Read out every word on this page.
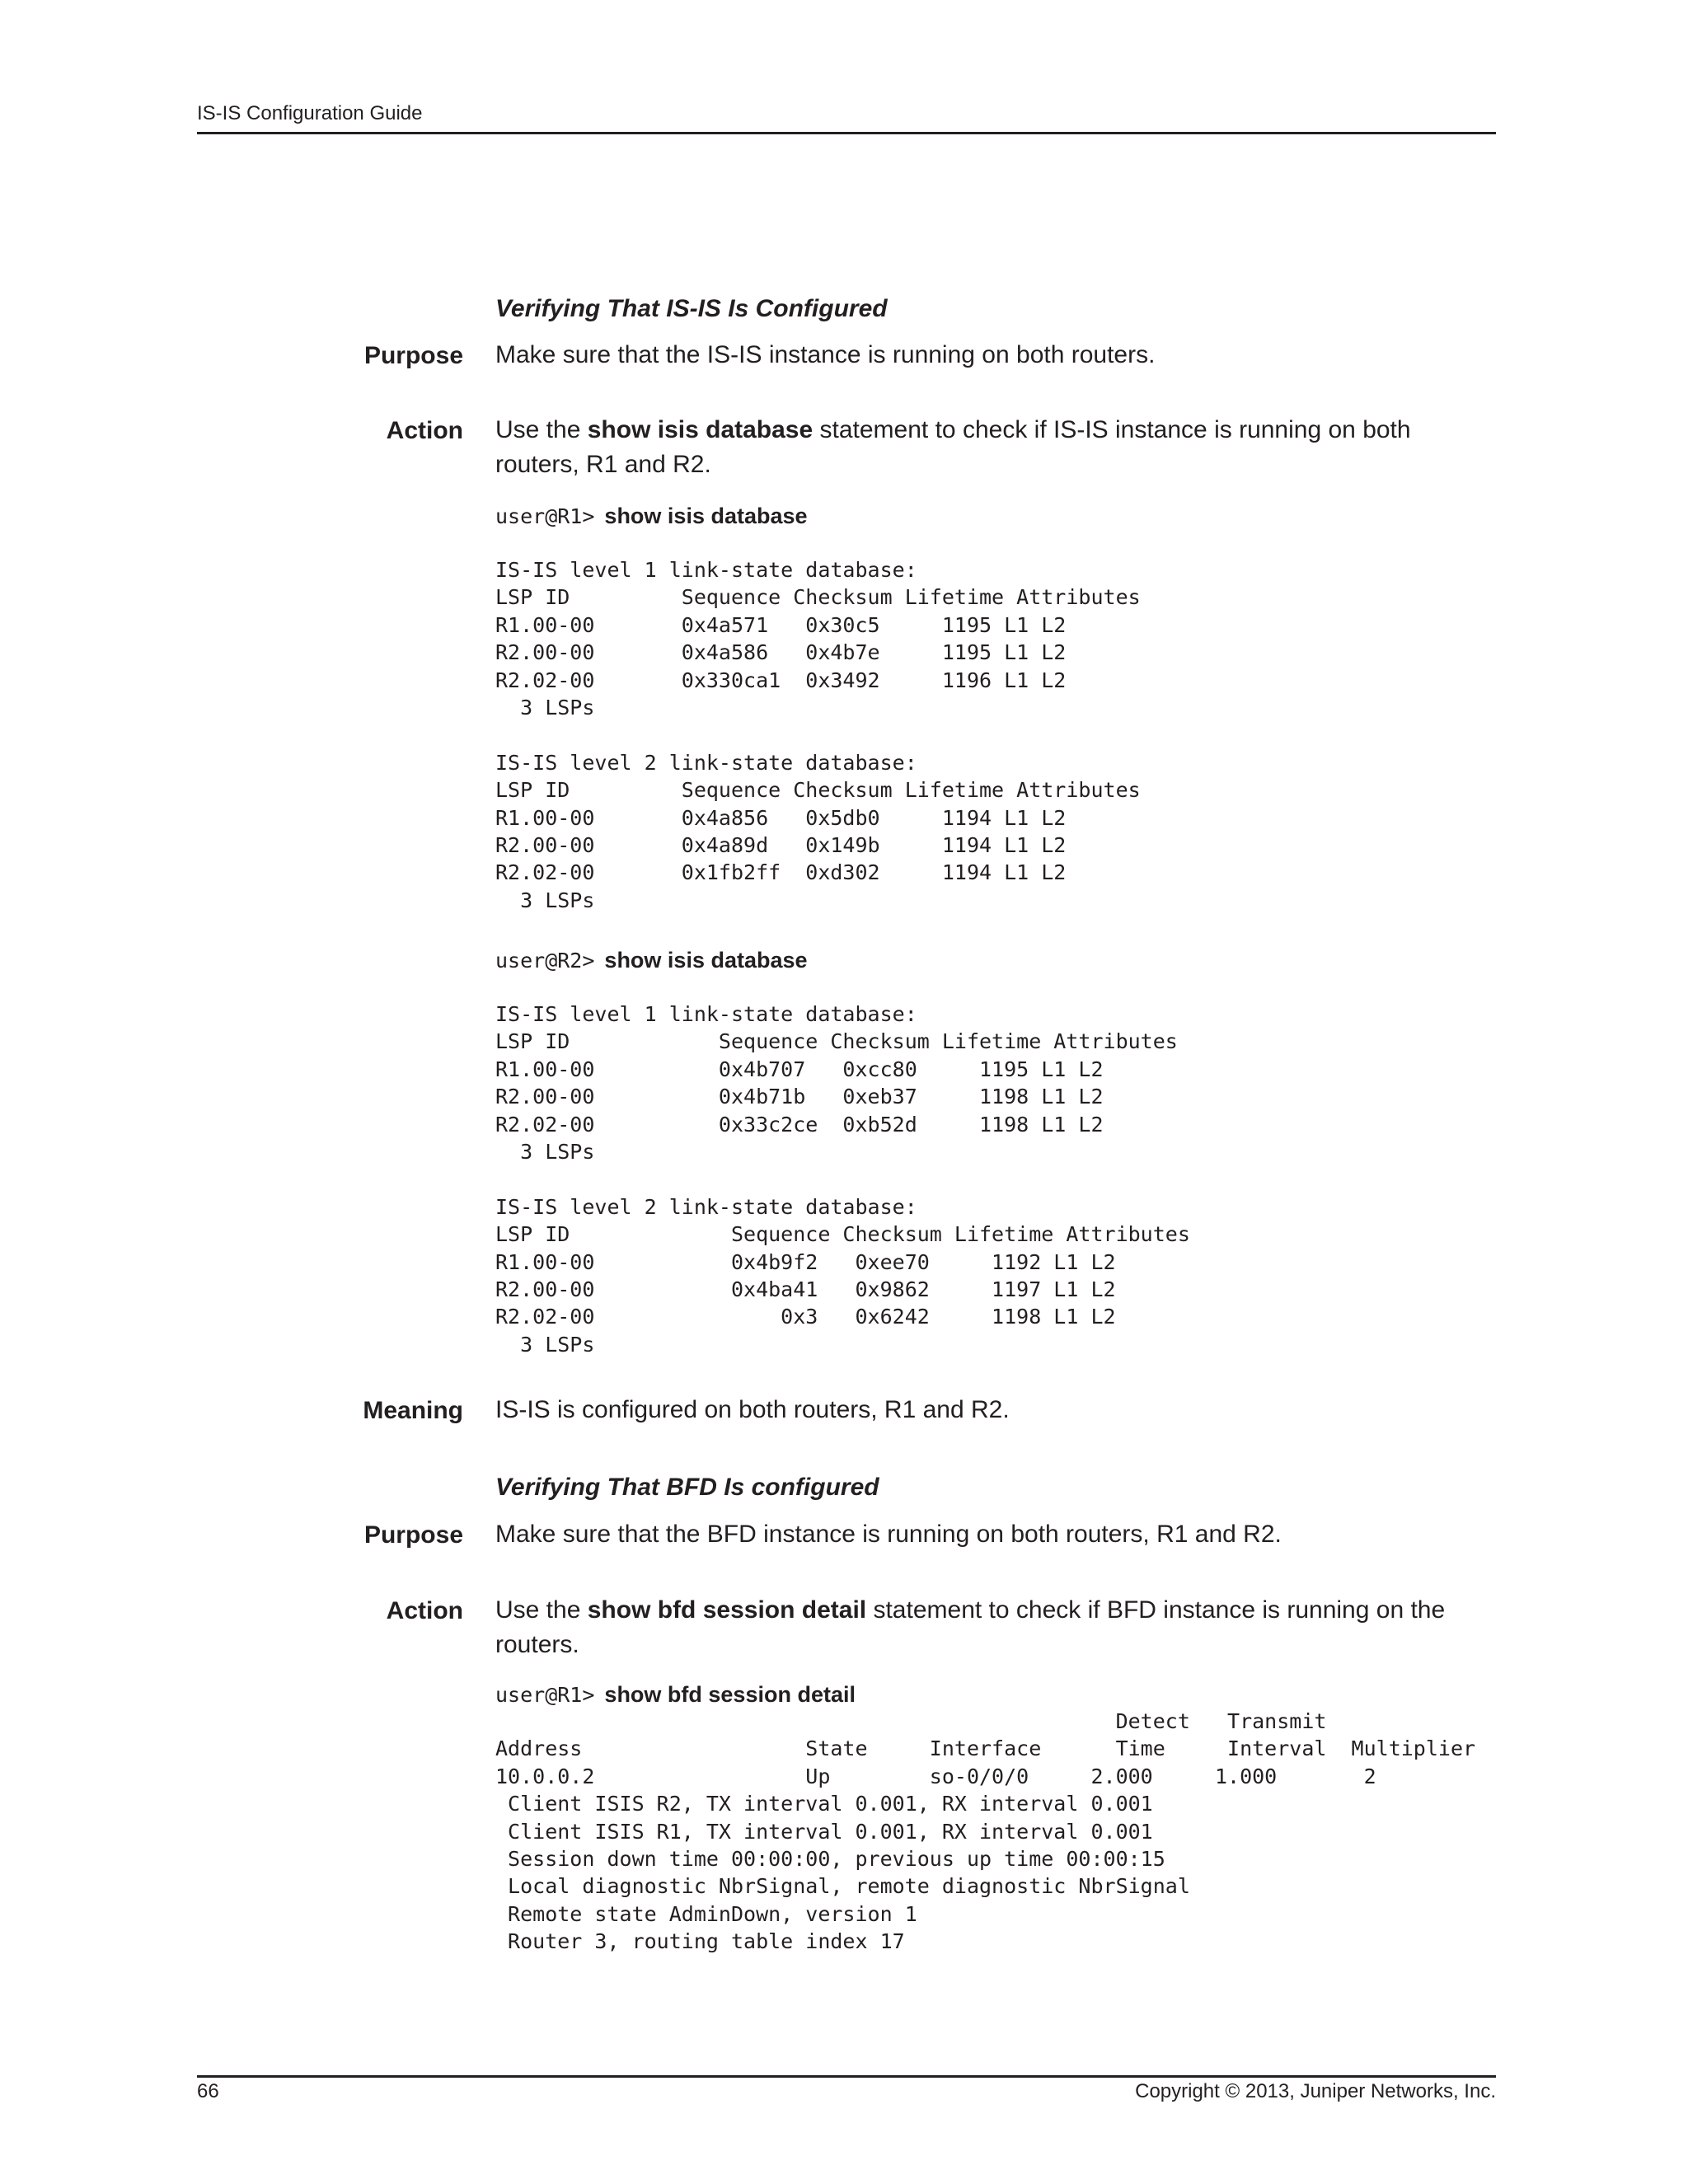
IS-IS Configuration Guide
Verifying That IS-IS Is Configured
Purpose Make sure that the IS-IS instance is running on both routers.
Action Use the show isis database statement to check if IS-IS instance is running on both routers, R1 and R2.
user@R1> show isis database
IS-IS level 1 link-state database:
LSP ID         Sequence Checksum Lifetime Attributes
R1.00-00       0x4a571   0x30c5     1195 L1 L2
R2.00-00       0x4a586   0x4b7e     1195 L1 L2
R2.02-00       0x330ca1  0x3492     1196 L1 L2
3 LSPs

IS-IS level 2 link-state database:
LSP ID         Sequence Checksum Lifetime Attributes
R1.00-00       0x4a856   0x5db0     1194 L1 L2
R2.00-00       0x4a89d   0x149b     1194 L1 L2
R2.02-00       0x1fb2ff  0xd302     1194 L1 L2
3 LSPs
user@R2> show isis database
IS-IS level 1 link-state database:
LSP ID            Sequence Checksum Lifetime Attributes
R1.00-00          0x4b707   0xcc80     1195 L1 L2
R2.00-00          0x4b71b   0xeb37     1198 L1 L2
R2.02-00          0x33c2ce  0xb52d     1198 L1 L2
3 LSPs

IS-IS level 2 link-state database:
LSP ID             Sequence Checksum Lifetime Attributes
R1.00-00           0x4b9f2   0xee70     1192 L1 L2
R2.00-00           0x4ba41   0x9862     1197 L1 L2
R2.02-00               0x3   0x6242     1198 L1 L2
3 LSPs
Meaning IS-IS is configured on both routers, R1 and R2.
Verifying That BFD Is configured
Purpose Make sure that the BFD instance is running on both routers, R1 and R2.
Action Use the show bfd session detail statement to check if BFD instance is running on the routers.
user@R1> show bfd session detail
Detect   Transmit
Address                  State     Interface      Time     Interval  Multiplier
10.0.0.2                 Up        so-0/0/0     2.000     1.000       2
Client ISIS R2, TX interval 0.001, RX interval 0.001
Client ISIS R1, TX interval 0.001, RX interval 0.001
Session down time 00:00:00, previous up time 00:00:15
Local diagnostic NbrSignal, remote diagnostic NbrSignal
Remote state AdminDown, version 1
Router 3, routing table index 17
66	Copyright © 2013, Juniper Networks, Inc.
